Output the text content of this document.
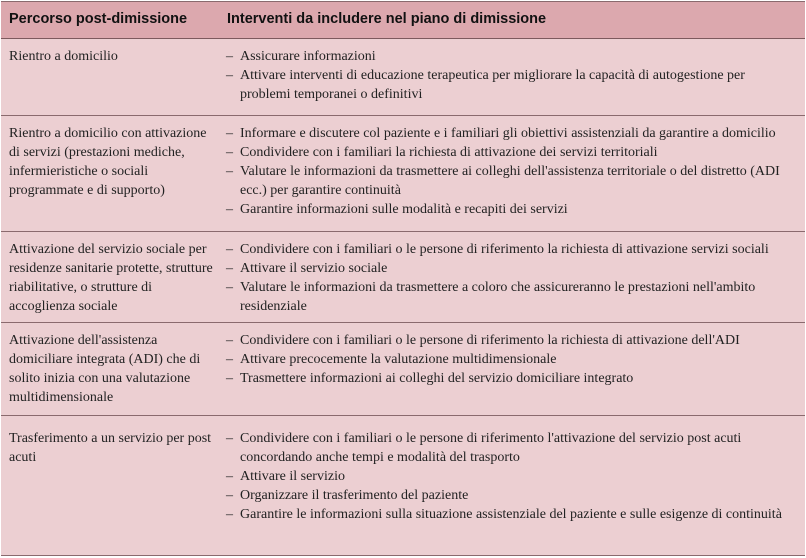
Percorso post-dimissione	Interventi da includere nel piano di dimissione
Rientro a domicilio
–	Assicurare informazioni
– Attivare interventi di educazione terapeutica per migliorare la capacità di autogestione per problemi temporanei o definitivi
Rientro a domicilio con attivazione di servizi (prestazioni mediche, infermieristiche o sociali programmate e di supporto)
– Informare e discutere col paziente e i familiari gli obiettivi assistenziali da garantire a domicilio
– Condividere con i familiari la richiesta di attivazione dei servizi territoriali
– Valutare le informazioni da trasmettere ai colleghi dell'assistenza territoriale o del distretto (ADI ecc.) per garantire continuità
– Garantire informazioni sulle modalità e recapiti dei servizi
Attivazione del servizio sociale per residenze sanitarie protette, strutture riabilitative, o strutture di accoglienza sociale
– Condividere con i familiari o le persone di riferimento la richiesta di attivazione servizi sociali
– Attivare il servizio sociale
– Valutare le informazioni da trasmettere a coloro che assicureranno le prestazioni nell'ambito residenziale
Attivazione dell'assistenza domiciliare integrata (ADI) che di solito inizia con una valutazione multidimensionale
– Condividere con i familiari o le persone di riferimento la richiesta di attivazione dell'ADI
– Attivare precocemente la valutazione multidimensionale
– Trasmettere informazioni ai colleghi del servizio domiciliare integrato
Trasferimento a un servizio per post acuti
– Condividere con i familiari o le persone di riferimento l'attivazione del servizio post acuti concordando anche tempi e modalità del trasporto
– Attivare il servizio
– Organizzare il trasferimento del paziente
– Garantire le informazioni sulla situazione assistenziale del paziente e sulle esigenze di continuità
